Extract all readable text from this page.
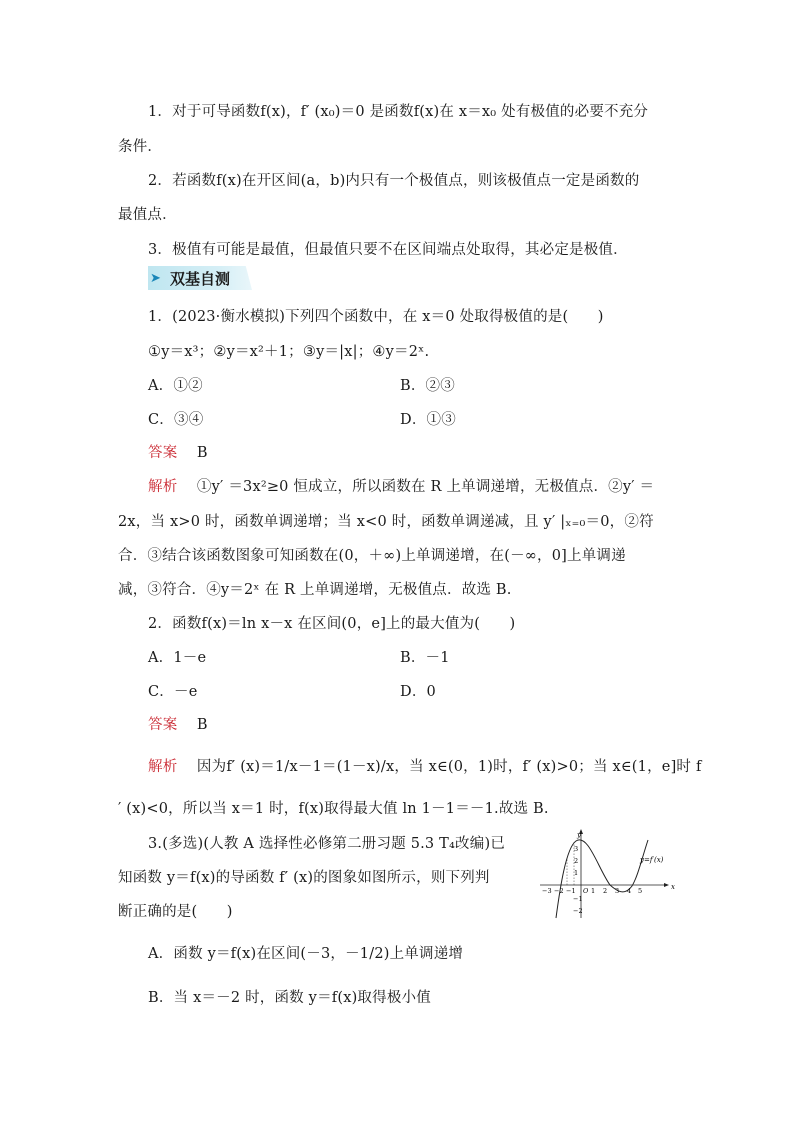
1．对于可导函数f(x)，f′ (x₀)＝0 是函数f(x)在 x＝x₀ 处有极值的必要不充分
条件．
2．若函数f(x)在开区间(a，b)内只有一个极值点，则该极值点一定是函数的
最值点．
3．极值有可能是最值，但最值只要不在区间端点处取得，其必定是极值．
➤ 双基自测
1．(2023·衡水模拟)下列四个函数中，在 x＝0 处取得极值的是(　　)
①y＝x³；②y＝x²＋1；③y＝|x|；④y＝2ˣ.
A．①②	B．②③
C．③④	D．①③
答案　 B
解析　 ①y′ ＝3x²≥0 恒成立，所以函数在 R 上单调递增，无极值点．②y′ ＝
2x，当 x>0 时，函数单调递增；当 x<0 时，函数单调递减，且 y′ |ₓ₌₀＝0，②符
合．③结合该函数图象可知函数在(0，＋∞)上单调递增，在(－∞，0]上单调递
减，③符合．④y＝2ˣ 在 R 上单调递增，无极值点．故选 B.
2．函数f(x)＝ln x－x 在区间(0，e]上的最大值为(　　)
A．1－e	B．－1
C．－e	D．0
答案　 B
解析　 因为f′ (x)＝1/x－1＝(1－x)/x，当 x∈(0，1)时，f′ (x)>0；当 x∈(1，e]时 f
′ (x)<0，所以当 x＝1 时，f(x)取得最大值 ln 1－1＝－1.故选 B.
3.(多选)(人教 A 选择性必修第二册习题 5.3 T₄改编)已
知函数 y＝f(x)的导函数 f′ (x)的图象如图所示，则下列判
断正确的是(　　)
A．函数 y＝f(x)在区间(－3，－1/2)上单调递增
B．当 x＝－2 时，函数 y＝f(x)取得极小值
y=f′(x)
y
x
O
−3 −2 −1 1 2 3 4 5
3
2
1
−1
−2
